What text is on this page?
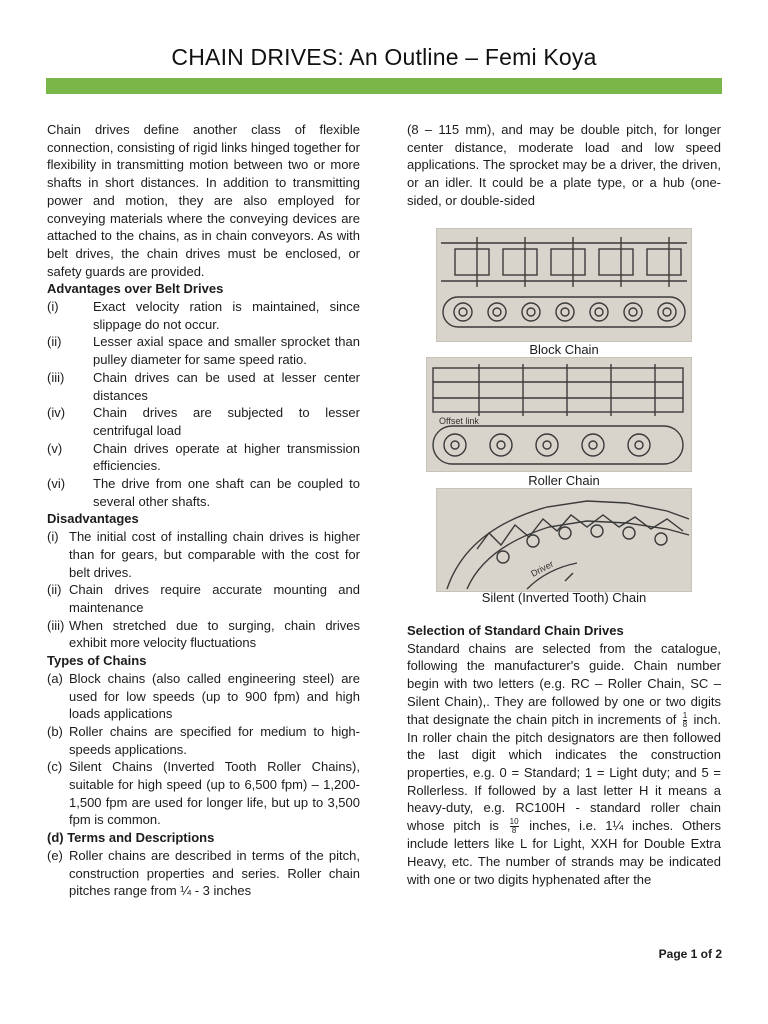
CHAIN DRIVES: An Outline – Femi Koya

Chain drives define another class of flexible connection, consisting of rigid links hinged together for flexibility in transmitting motion between two or more shafts in short distances. In addition to transmitting power and motion, they are also employed for conveying materials where the conveying devices are attached to the chains, as in chain conveyors. As with belt drives, the chain drives must be enclosed, or safety guards are provided.

Advantages over Belt Drives

(i)	Exact velocity ration is maintained, since slippage do not occur.
(ii)	Lesser axial space and smaller sprocket than pulley diameter for same speed ratio.
(iii)	Chain drives can be used at lesser center distances
(iv)	Chain drives are subjected to lesser centrifugal load
(v)	Chain drives operate at higher transmission efficiencies.
(vi)	The drive from one shaft can be coupled to several other shafts.

Disadvantages

(i) The initial cost of installing chain drives is higher than for gears, but comparable with the cost for belt drives.
(ii) Chain drives require accurate mounting and maintenance
(iii) When stretched due to surging, chain drives exhibit more velocity fluctuations

Types of Chains

(a) Block chains (also called engineering steel) are used for low speeds (up to 900 fpm) and high loads applications
(b) Roller chains are specified for medium to high-speeds applications.
(c) Silent Chains (Inverted Tooth Roller Chains), suitable for high speed (up to 6,500 fpm) – 1,200-1,500 fpm are used for longer life, but up to 3,500 fpm is common.

(d) Terms and Descriptions

(e) Roller chains are described in terms of the pitch, construction properties and series. Roller chain pitches range from ¼ - 3 inches

(8 – 115 mm), and may be double pitch, for longer center distance, moderate load and low speed applications. The sprocket may be a driver, the driven, or an idler. It could be a plate type, or a hub (one-sided, or double-sided

Block Chain
Offset link
Roller Chain
Driver
Silent (Inverted Tooth) Chain

Selection of Standard Chain Drives

Standard chains are selected from the catalogue, following the manufacturer's guide. Chain number begin with two letters (e.g. RC – Roller Chain, SC – Silent Chain),. They are followed by one or two digits that designate the chain pitch in increments of $\frac{1}{8}$ inch. In roller chain the pitch designators are then followed the last digit which indicates the construction properties, e.g. 0 = Standard; 1 = Light duty; and 5 = Rollerless. If followed by a last letter H it means a heavy-duty, e.g. RC100H - standard roller chain whose pitch is $\frac{10}{8}$ inches, i.e. 1¼ inches. Others include letters like L for Light, XXH for Double Extra Heavy, etc. The number of strands may be indicated with one or two digits hyphenated after the

Page 1 of 2
